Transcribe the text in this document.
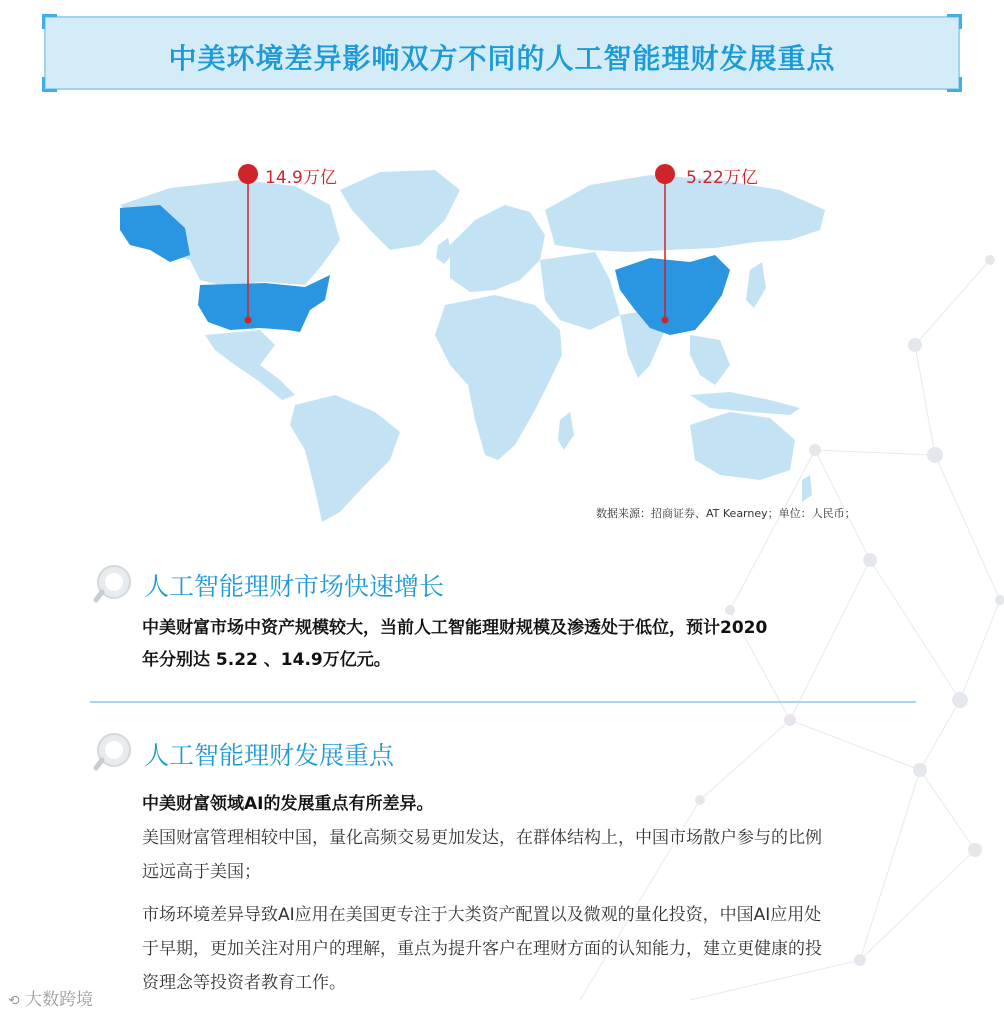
中美环境差异影响双方不同的人工智能理财发展重点
14.9万亿	5.22万亿
数据来源：招商证券、AT Kearney；单位：人民币；
人工智能理财市场快速增长
中美财富市场中资产规模较大，当前人工智能理财规模及渗透处于低位，预计2020
年分别达 5.22 、14.9万亿元。
人工智能理财发展重点
中美财富领域AI的发展重点有所差异。
美国财富管理相较中国，量化高频交易更加发达，在群体结构上，中国市场散户参与的比例
远远高于美国；
市场环境差异导致AI应用在美国更专注于大类资产配置以及微观的量化投资，中国AI应用处
于早期，更加关注对用户的理解，重点为提升客户在理财方面的认知能力，建立更健康的投
资理念等投资者教育工作。
⟲ 大数跨境
